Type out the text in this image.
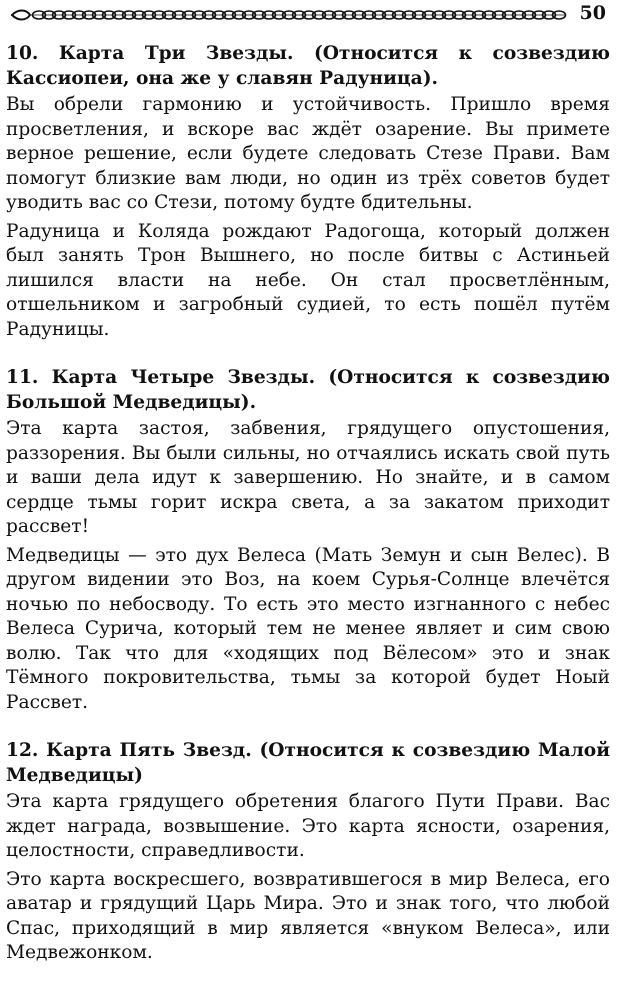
50

10. Карта Три Звезды. (Относится к созвездию Кассиопеи, она же у славян Радуница).

Вы обрели гармонию и устойчивость. Пришло время просветления, и вскоре вас ждёт озарение. Вы примете верное решение, если будете следовать Стезе Прави. Вам помогут близкие вам люди, но один из трёх советов будет уводить вас со Стези, потому будте бдительны.

Радуница и Коляда рождают Радогоща, который должен был занять Трон Вышнего, но после битвы с Астиньей лишился власти на небе. Он стал просветлённым, отшельником и загробный судией, то есть пошёл путём Радуницы.

11. Карта Четыре Звезды. (Относится к созвездию Большой Медведицы).

Эта карта застоя, забвения, грядущего опустошения, раззорения. Вы были сильны, но отчаялись искать свой путь и ваши дела идут к завершению. Но знайте, и в самом сердце тьмы горит искра света, а за закатом приходит рассвет!

Медведицы — это дух Велеса (Мать Земун и сын Велес). В другом видении это Воз, на коем Сурья-Солнце влечётся ночью по небосводу. То есть это место изгнанного с небес Велеса Сурича, который тем не менее являет и сим свою волю. Так что для «ходящих под Вёлесом» это и знак Тёмного покровительства, тьмы за которой будет Ноый Рассвет.

12. Карта Пять Звезд. (Относится к созвездию Малой Медведицы)

Эта карта грядущего обретения благого Пути Прави. Вас ждет награда, возвышение. Это карта ясности, озарения, целостности, справедливости.

Это карта воскресшего, возвратившегося в мир Велеса, его аватар и грядущий Царь Мира. Это и знак того, что любой Спас, приходящий в мир является «внуком Велеса», или Медвежонком.
